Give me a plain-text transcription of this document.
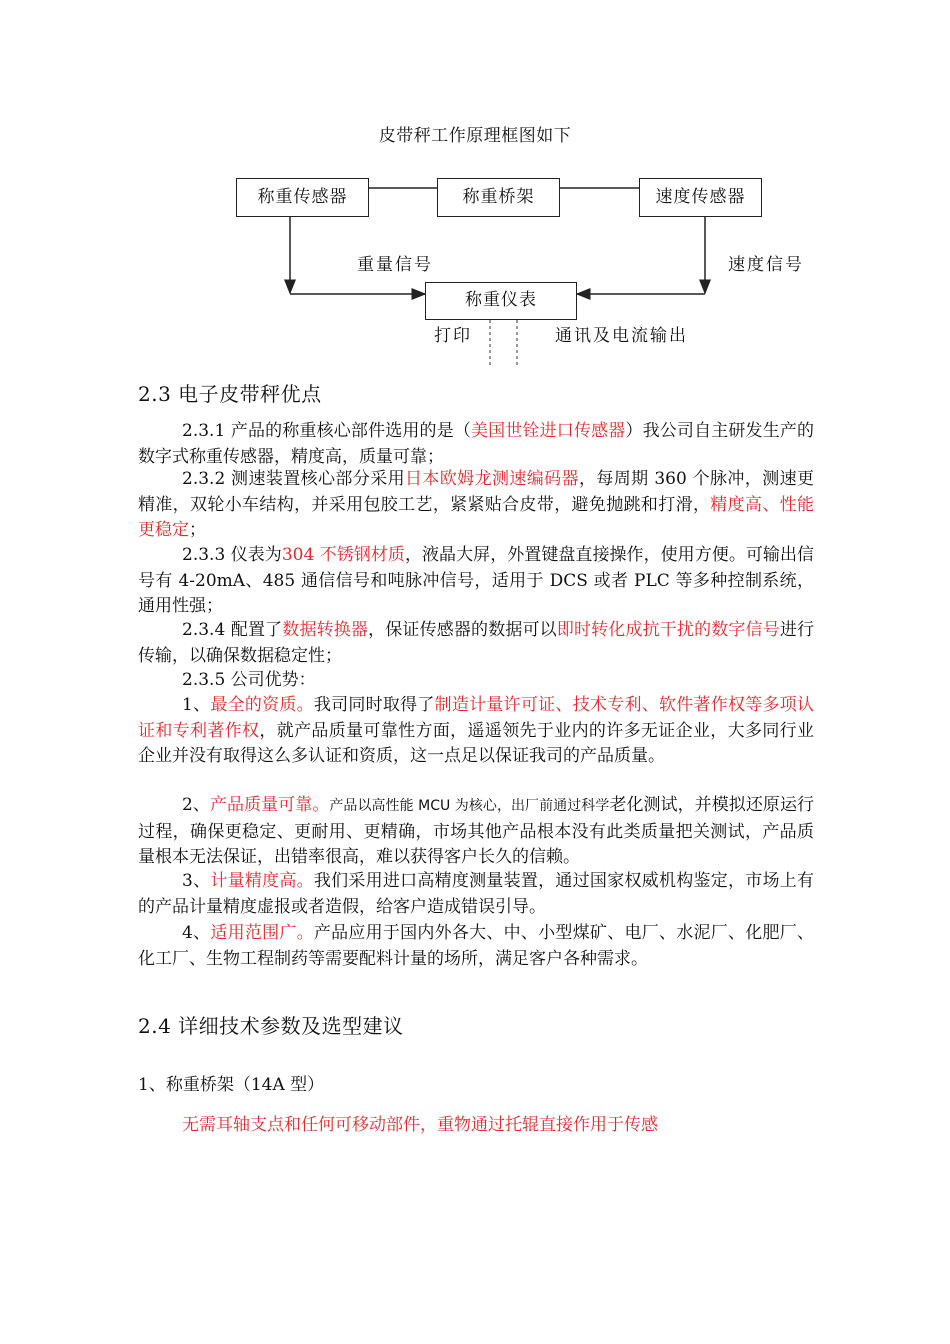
皮带秤工作原理框图如下
称重传感器	称重桥架	速度传感器
称重仪表
重量信号	速度信号
打印	通讯及电流输出
2.3 电子皮带秤优点

2.3.1 产品的称重核心部件选用的是（美国世铨进口传感器）我公司自主研发生产的数字式称重传感器，精度高，质量可靠；

2.3.2 测速装置核心部分采用日本欧姆龙测速编码器，每周期 360 个脉冲，测速更精准，双轮小车结构，并采用包胶工艺，紧紧贴合皮带，避免抛跳和打滑，精度高、性能更稳定；

2.3.3 仪表为304 不锈钢材质，液晶大屏，外置键盘直接操作，使用方便。可输出信号有 4-20mA、485 通信信号和吨脉冲信号，适用于 DCS 或者 PLC 等多种控制系统，通用性强；

2.3.4 配置了数据转换器，保证传感器的数据可以即时转化成抗干扰的数字信号进行传输，以确保数据稳定性；

2.3.5 公司优势：

1、最全的资质。我司同时取得了制造计量许可证、技术专利、软件著作权等多项认证和专利著作权，就产品质量可靠性方面，遥遥领先于业内的许多无证企业，大多同行业企业并没有取得这么多认证和资质，这一点足以保证我司的产品质量。

2、产品质量可靠。产品以高性能 MCU 为核心，出厂前通过科学老化测试，并模拟还原运行过程，确保更稳定、更耐用、更精确，市场其他产品根本没有此类质量把关测试，产品质量根本无法保证，出错率很高，难以获得客户长久的信赖。

3、计量精度高。我们采用进口高精度测量装置，通过国家权威机构鉴定，市场上有的产品计量精度虚报或者造假，给客户造成错误引导。

4、适用范围广。产品应用于国内外各大、中、小型煤矿、电厂、水泥厂、化肥厂、化工厂、生物工程制药等需要配料计量的场所，满足客户各种需求。

2.4 详细技术参数及选型建议
1、称重桥架（14A 型）
无需耳轴支点和任何可移动部件，重物通过托辊直接作用于传感
